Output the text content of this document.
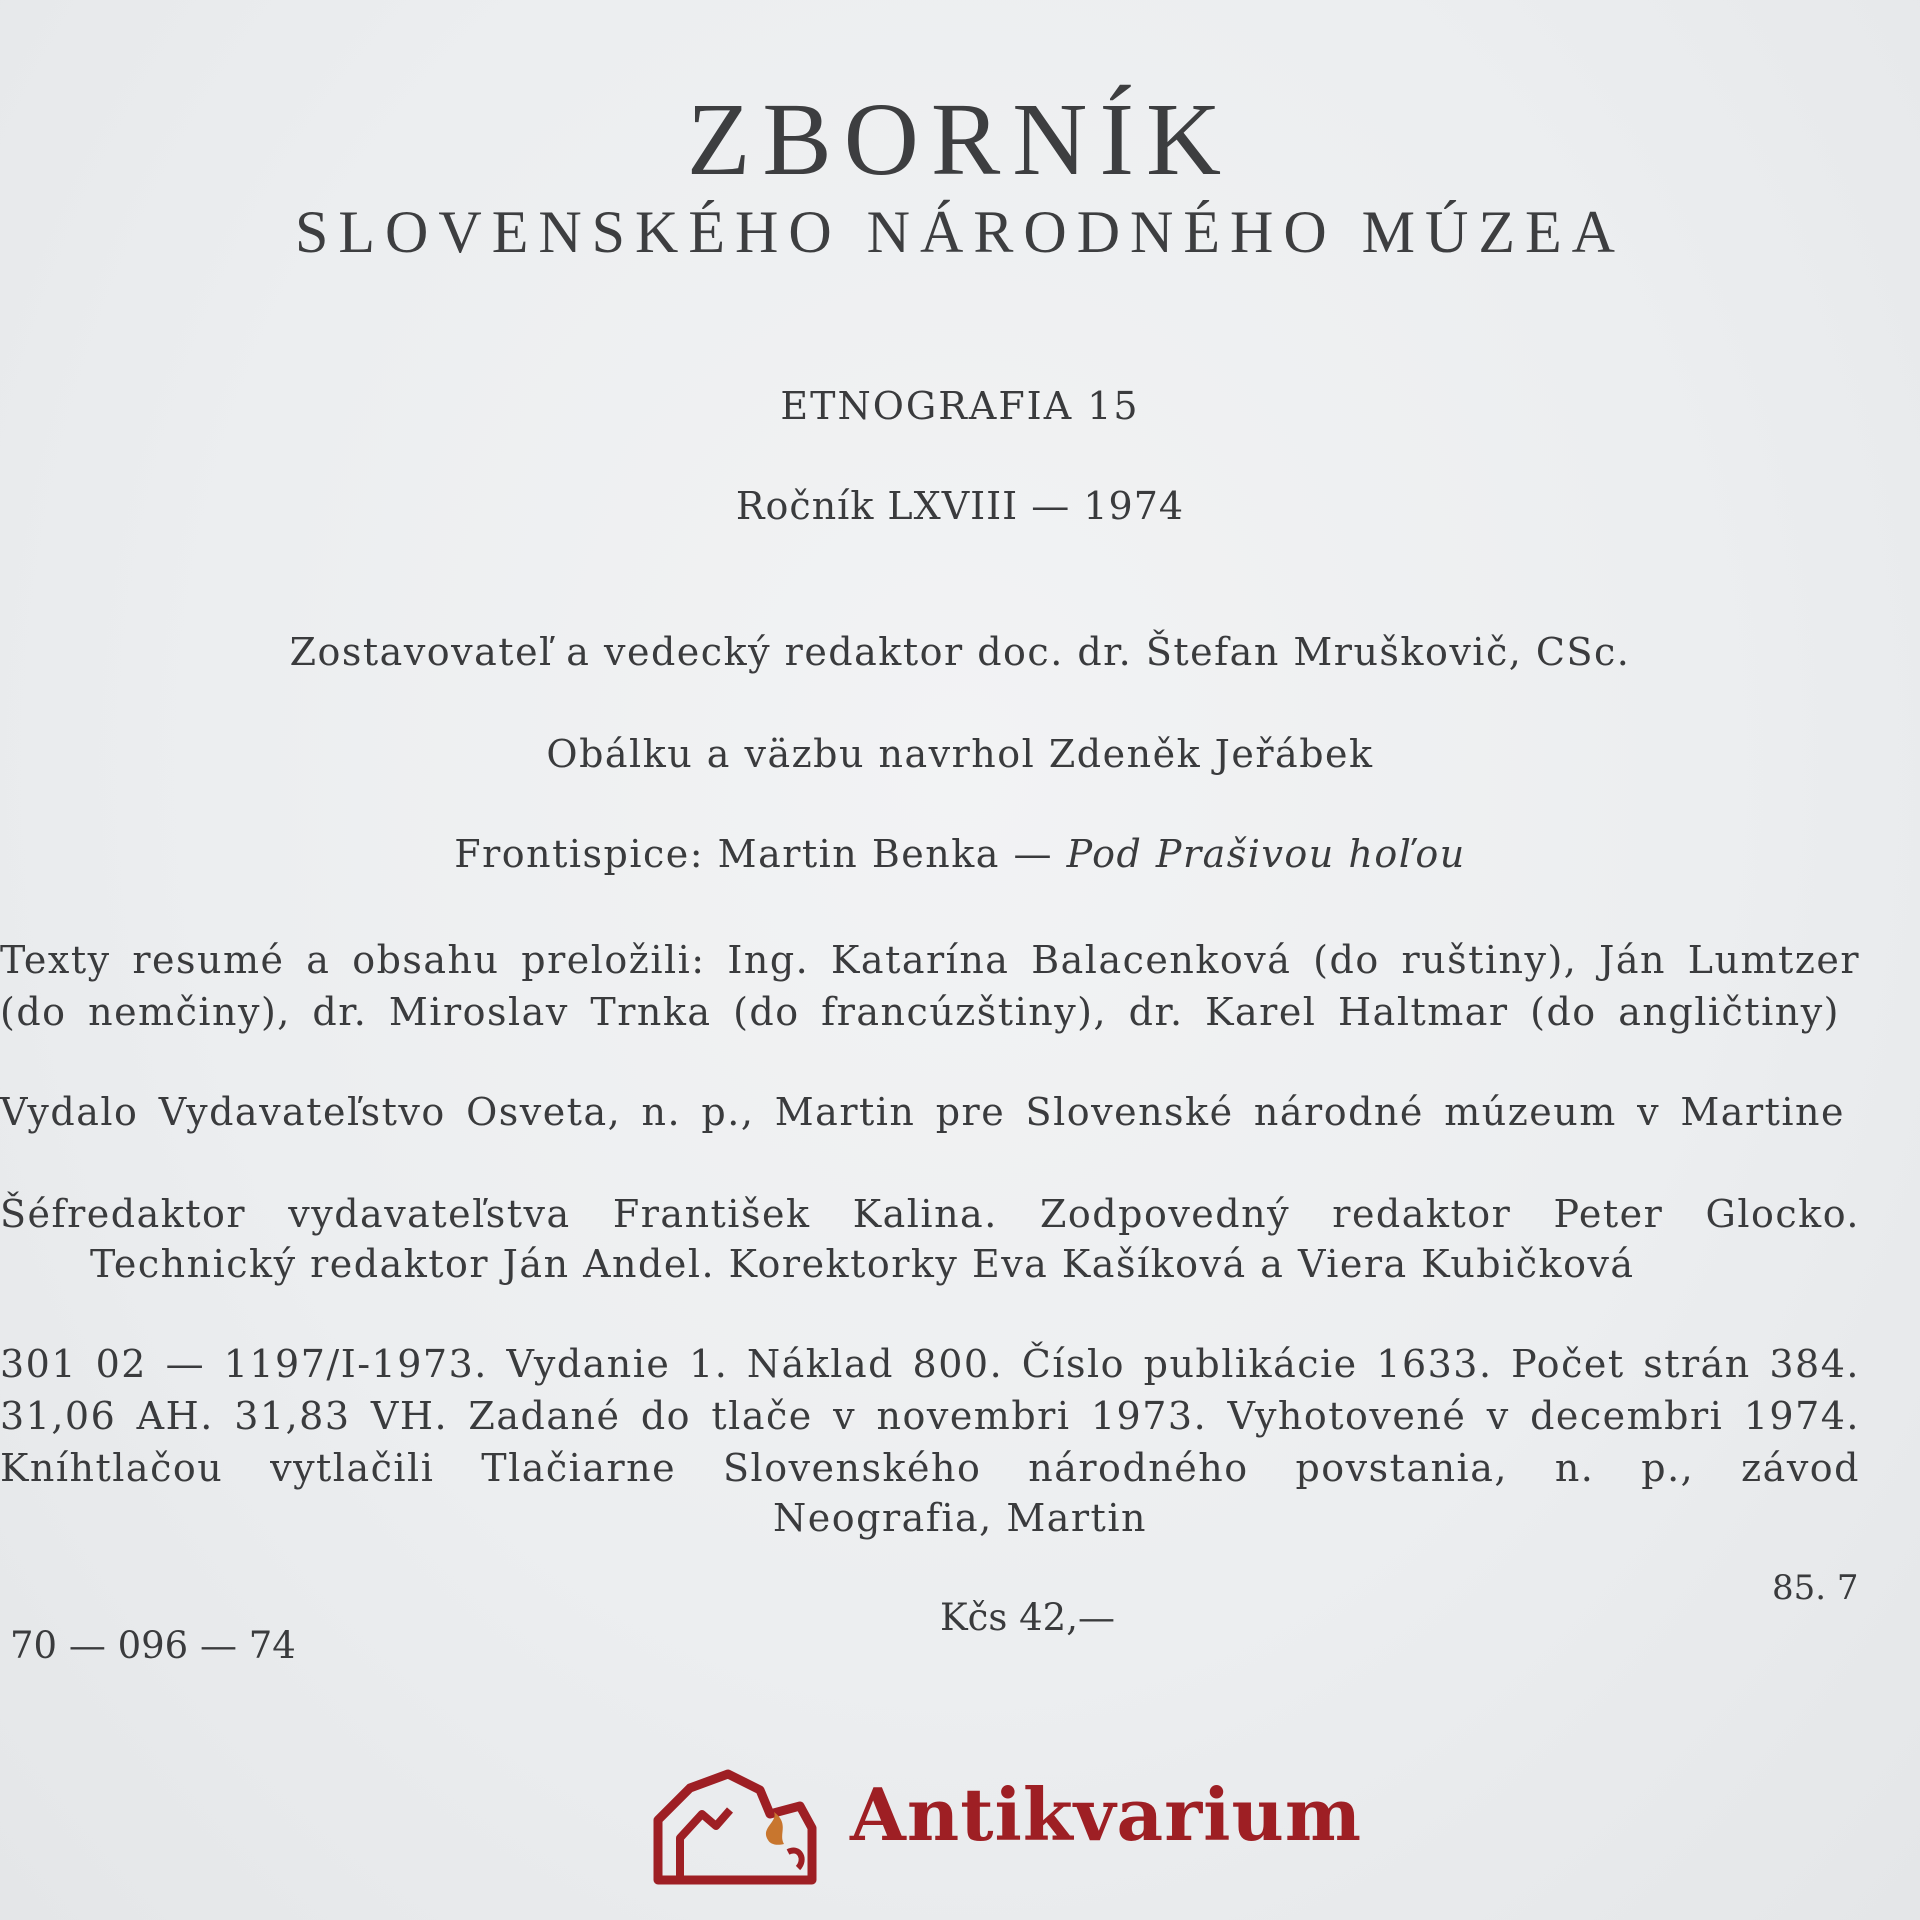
ZBORNÍK
SLOVENSKÉHO NÁRODNÉHO MÚZEA
ETNOGRAFIA 15
Ročník LXVIII — 1974
Zostavovateľ a vedecký redaktor doc. dr. Štefan Mruškovič, CSc.
Obálku a väzbu navrhol Zdeněk Jeřábek
Frontispice: Martin Benka — Pod Prašivou hoľou
Texty resumé a obsahu preložili: Ing. Katarína Balacenková (do ruštiny), Ján Lumtzer
(do nemčiny), dr. Miroslav Trnka (do francúzštiny), dr. Karel Haltmar (do angličtiny)
Vydalo Vydavateľstvo Osveta, n. p., Martin pre Slovenské národné múzeum v Martine
Šéfredaktor vydavateľstva František Kalina. Zodpovedný redaktor Peter Glocko.
Technický redaktor Ján Andel. Korektorky Eva Kašíková a Viera Kubičková
301 02 — 1197/I-1973. Vydanie 1. Náklad 800. Číslo publikácie 1633. Počet strán 384.
31,06 AH. 31,83 VH. Zadané do tlače v novembri 1973. Vyhotovené v decembri 1974.
Kníhtlačou vytlačili Tlačiarne Slovenského národného povstania, n. p., závod
Neografia, Martin
70 — 096 — 74
Kčs 42,—
85. 7
Antikvarium
